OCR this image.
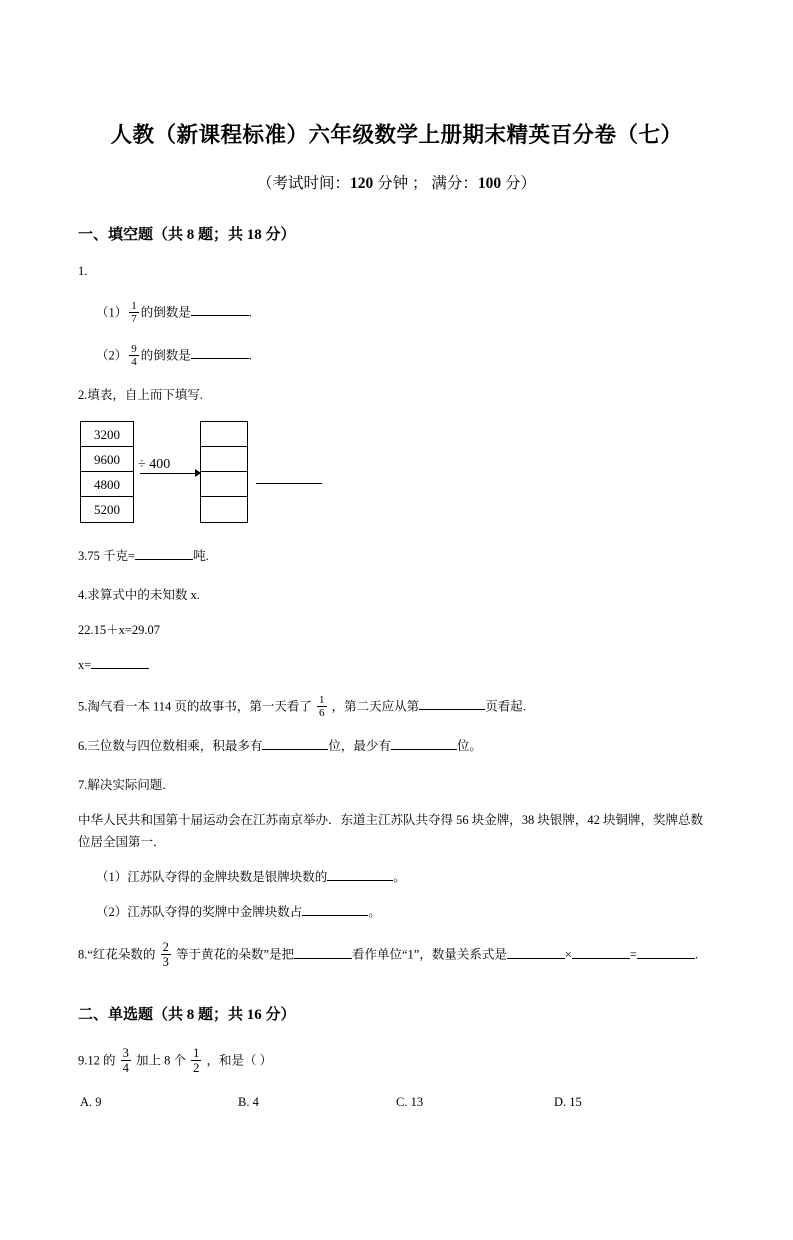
人教（新课程标准）六年级数学上册期末精英百分卷（七）
（考试时间：120 分钟 ； 满分：100 分）
一、填空题（共 8 题；共 18 分）
1.
$(1) \frac{1}{7}$ 的倒数是	.
$(2) \frac{9}{4}$ 的倒数是	.
2.填表，自上而下填写.
3200
9600
4800
5200
÷ 400
3.75 千克=	吨.
4.求算式中的未知数 x.
22.15＋x=29.07
x=
5.淘气看一本 114 页的故事书，第一天看了 $\frac{1}{6}$ ，第二天应从第	页看起.
6.三位数与四位数相乘，积最多有	位，最少有	位。
7.解决实际问题.
中华人民共和国第十届运动会在江苏南京举办．东道主江苏队共夺得 56 块金牌，38 块银牌，42 块铜牌，奖牌总数位居全国第一．
（1）江苏队夺得的金牌块数是银牌块数的	。
（2）江苏队夺得的奖牌中金牌块数占	。
8.“红花朵数的 $\frac{2}{3}$ 等于黄花的朵数”是把	看作单位“1”，数量关系式是	×	=	.
二、单选题（共 8 题；共 16 分）
9.12 的 $\frac{3}{4}$ 加上 8 个 $\frac{1}{2}$ ，和是（ ）
A. 9	B. 4	C. 13	D. 15
